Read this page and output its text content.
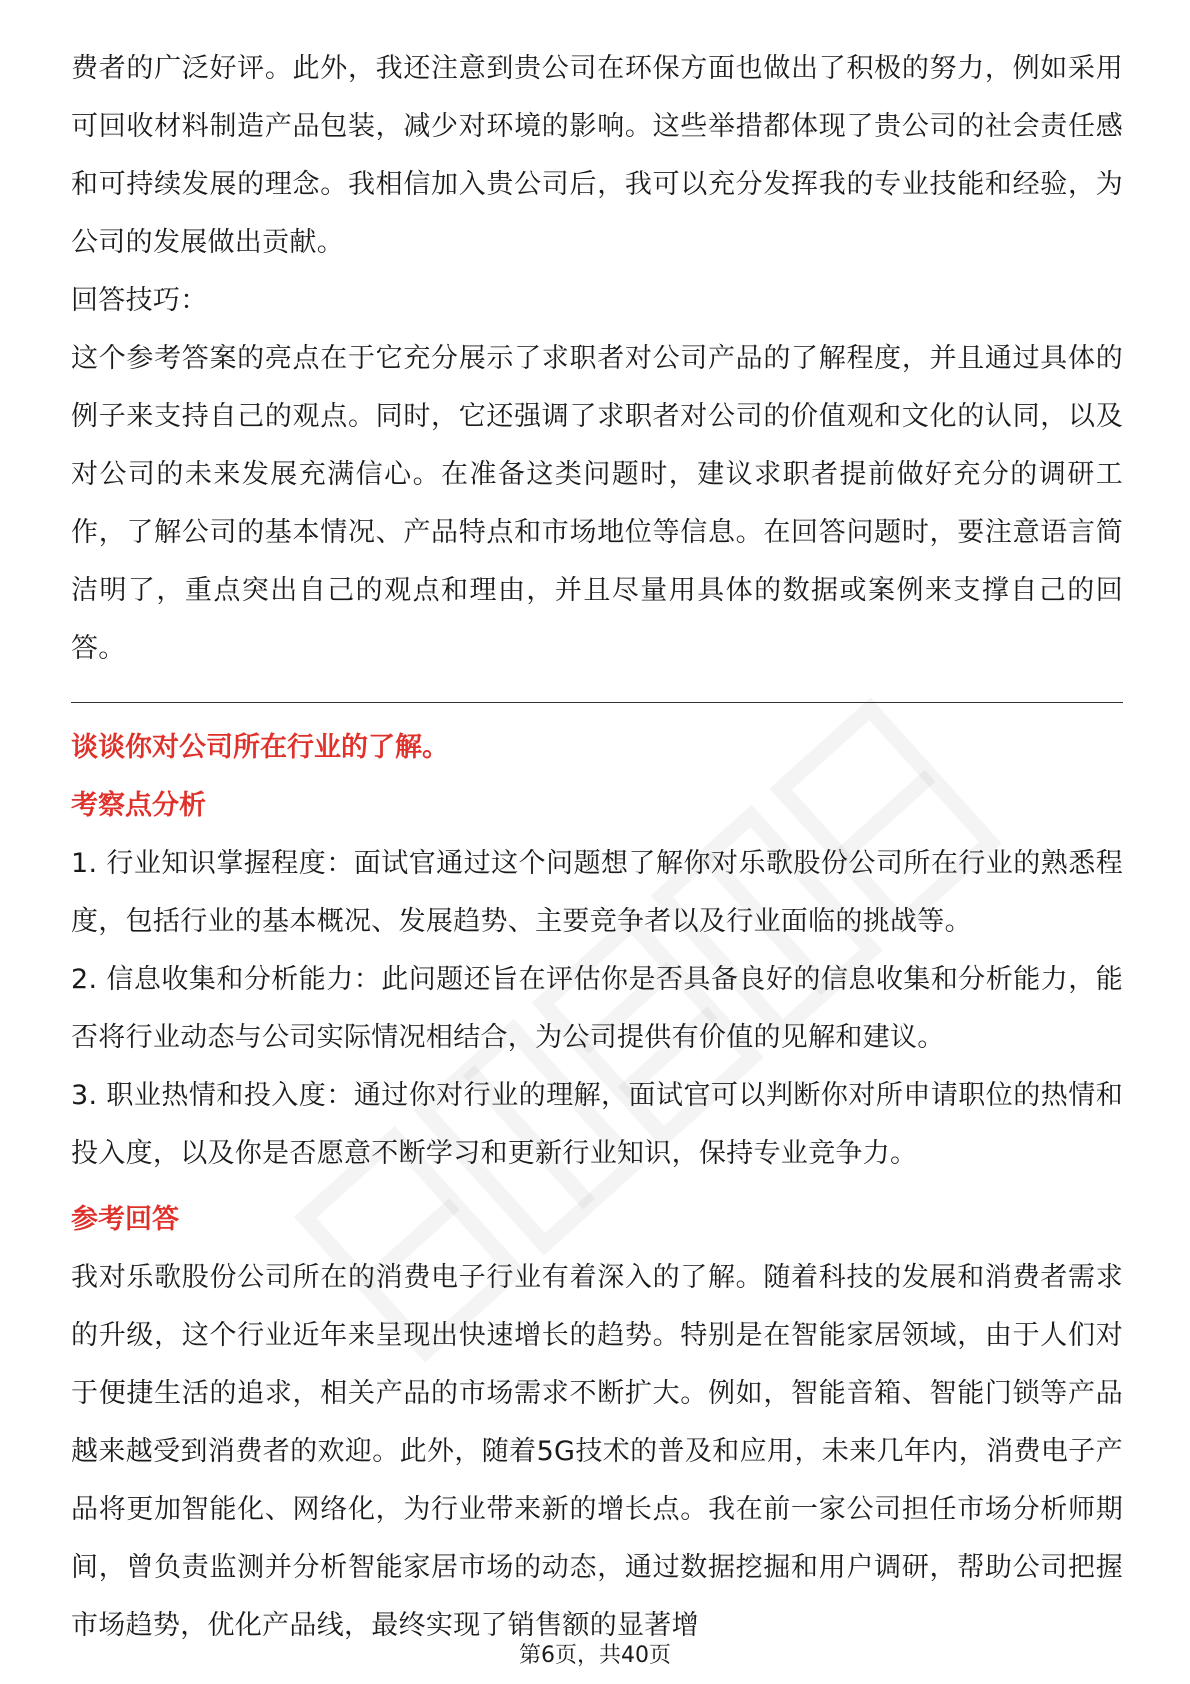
费者的广泛好评。此外，我还注意到贵公司在环保方面也做出了积极的努力，例如采用可回收材料制造产品包装，减少对环境的影响。这些举措都体现了贵公司的社会责任感和可持续发展的理念。我相信加入贵公司后，我可以充分发挥我的专业技能和经验，为公司的发展做出贡献。

回答技巧：

这个参考答案的亮点在于它充分展示了求职者对公司产品的了解程度，并且通过具体的例子来支持自己的观点。同时，它还强调了求职者对公司的价值观和文化的认同，以及对公司的未来发展充满信心。在准备这类问题时，建议求职者提前做好充分的调研工作，了解公司的基本情况、产品特点和市场地位等信息。在回答问题时，要注意语言简洁明了，重点突出自己的观点和理由，并且尽量用具体的数据或案例来支撑自己的回答。

谈谈你对公司所在行业的了解。

考察点分析

1. 行业知识掌握程度：面试官通过这个问题想了解你对乐歌股份公司所在行业的熟悉程度，包括行业的基本概况、发展趋势、主要竞争者以及行业面临的挑战等。

2. 信息收集和分析能力：此问题还旨在评估你是否具备良好的信息收集和分析能力，能否将行业动态与公司实际情况相结合，为公司提供有价值的见解和建议。

3. 职业热情和投入度：通过你对行业的理解，面试官可以判断你对所申请职位的热情和投入度，以及你是否愿意不断学习和更新行业知识，保持专业竞争力。

参考回答

我对乐歌股份公司所在的消费电子行业有着深入的了解。随着科技的发展和消费者需求的升级，这个行业近年来呈现出快速增长的趋势。特别是在智能家居领域，由于人们对于便捷生活的追求，相关产品的市场需求不断扩大。例如，智能音箱、智能门锁等产品越来越受到消费者的欢迎。此外，随着5G技术的普及和应用，未来几年内，消费电子产品将更加智能化、网络化，为行业带来新的增长点。我在前一家公司担任市场分析师期间，曾负责监测并分析智能家居市场的动态，通过数据挖掘和用户调研，帮助公司把握市场趋势，优化产品线，最终实现了销售额的显著增

第6页，共40页
